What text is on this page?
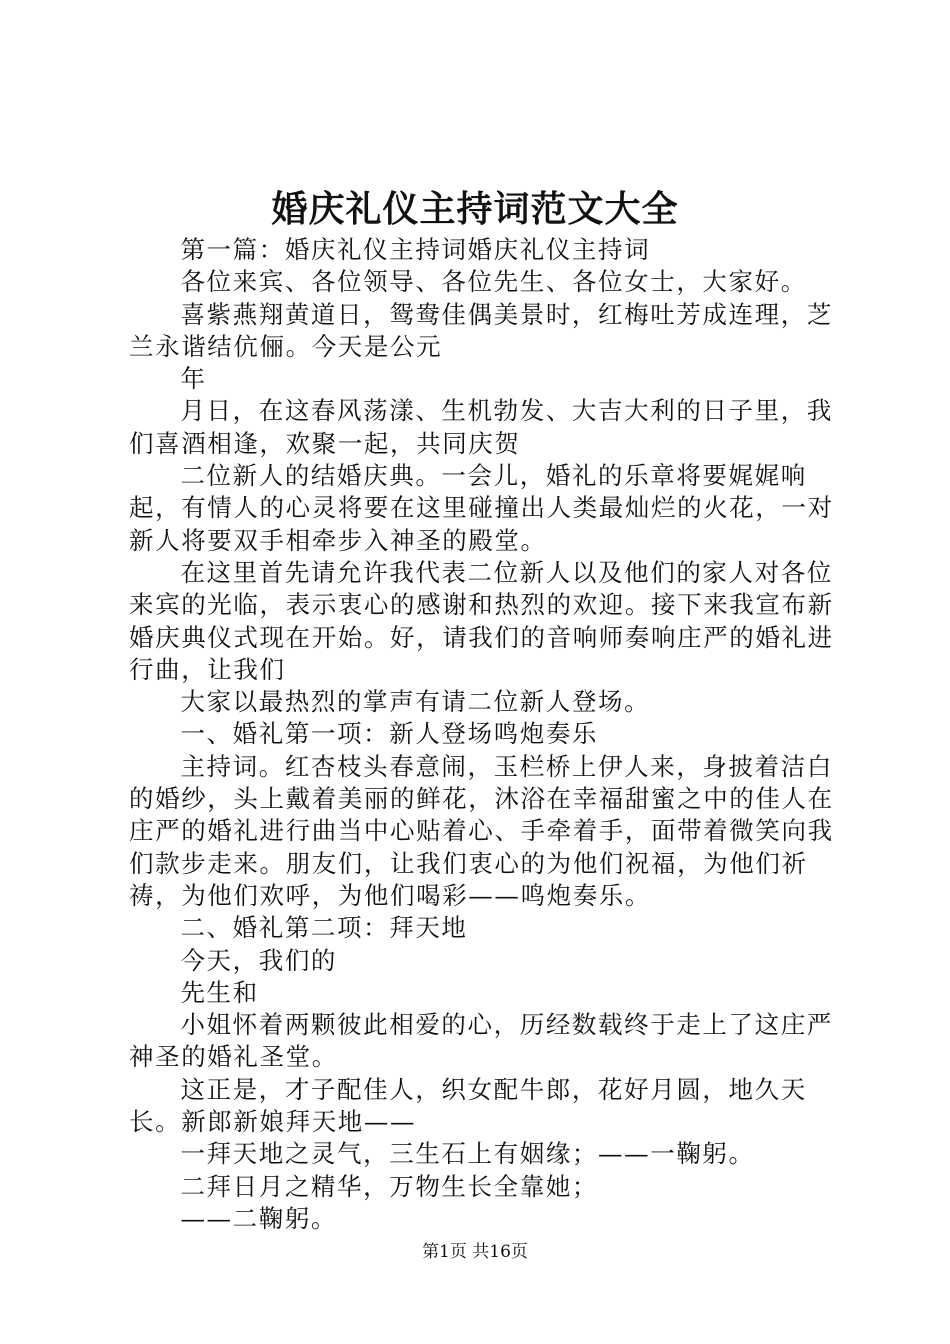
婚庆礼仪主持词范文大全

第一篇：婚庆礼仪主持词婚庆礼仪主持词

各位来宾、各位领导、各位先生、各位女士，大家好。

喜紫燕翔黄道日，鸳鸯佳偶美景时，红梅吐芳成连理，芝兰永谐结伉俪。今天是公元

年

月日，在这春风荡漾、生机勃发、大吉大利的日子里，我们喜酒相逢，欢聚一起，共同庆贺

二位新人的结婚庆典。一会儿，婚礼的乐章将要娓娓响起，有情人的心灵将要在这里碰撞出人类最灿烂的火花，一对新人将要双手相牵步入神圣的殿堂。

在这里首先请允许我代表二位新人以及他们的家人对各位来宾的光临，表示衷心的感谢和热烈的欢迎。接下来我宣布新婚庆典仪式现在开始。好，请我们的音响师奏响庄严的婚礼进行曲，让我们

大家以最热烈的掌声有请二位新人登场。

一、婚礼第一项：新人登场鸣炮奏乐

主持词。红杏枝头春意闹，玉栏桥上伊人来，身披着洁白的婚纱，头上戴着美丽的鲜花，沐浴在幸福甜蜜之中的佳人在庄严的婚礼进行曲当中心贴着心、手牵着手，面带着微笑向我们款步走来。朋友们，让我们衷心的为他们祝福，为他们祈祷，为他们欢呼，为他们喝彩——鸣炮奏乐。

二、婚礼第二项：拜天地

今天，我们的

先生和

小姐怀着两颗彼此相爱的心，历经数载终于走上了这庄严神圣的婚礼圣堂。

这正是，才子配佳人，织女配牛郎，花好月圆，地久天长。新郎新娘拜天地——

一拜天地之灵气，三生石上有姻缘；——一鞠躬。

二拜日月之精华，万物生长全靠她；

——二鞠躬。

第1页 共16页
